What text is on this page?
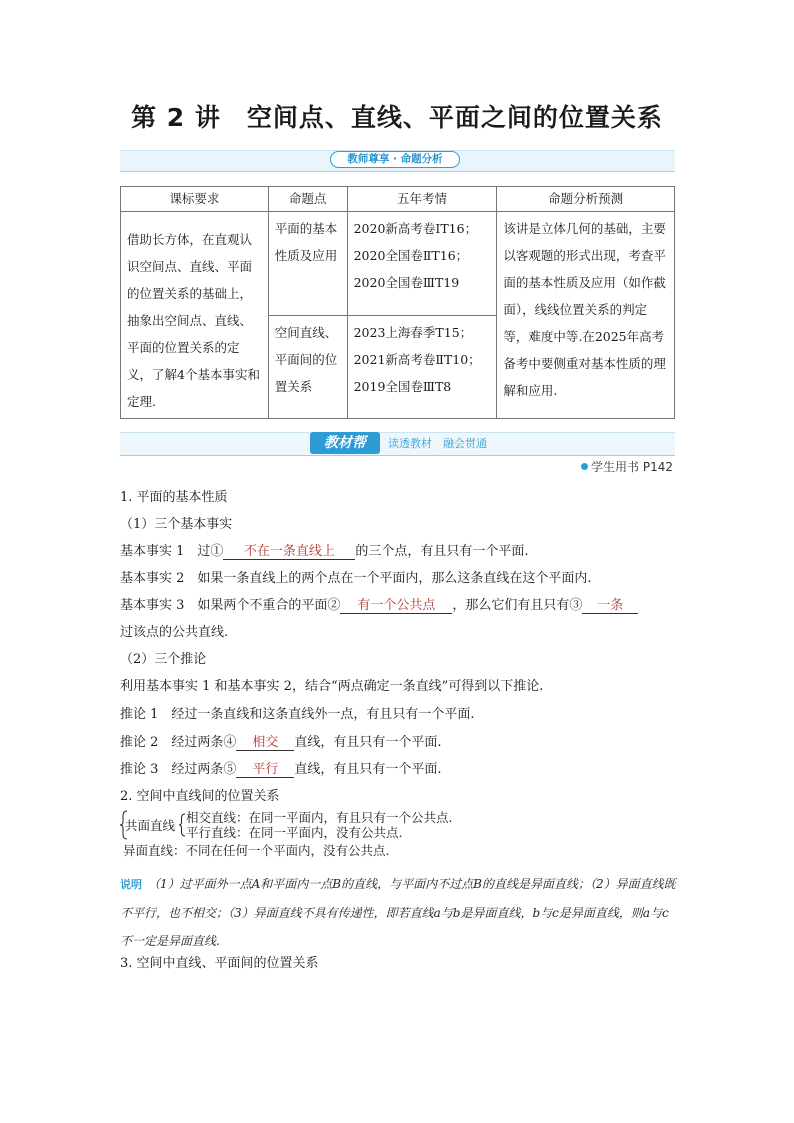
第 2 讲　空间点、直线、平面之间的位置关系
教师尊享 · 命题分析
课标要求	命题点	五年考情	命题分析预测

借助长方体，在直观认识空间点、直线、平面的位置关系的基础上，抽象出空间点、直线、平面的位置关系的定义，了解4个基本事实和定理.	平面的基本性质及应用	2020新高考卷ⅠT16；2020全国卷ⅡT16；2020全国卷ⅢT19	该讲是立体几何的基础，主要以客观题的形式出现，考查平面的基本性质及应用（如作截面），线线位置关系的判定等，难度中等.在2025年高考备考中要侧重对基本性质的理解和应用.

	空间直线、平面间的位置关系	2023上海春季T15；2021新高考卷ⅡT10；2019全国卷ⅢT8	
教材帮	读透教材　融会贯通
学生用书 P142
1. 平面的基本性质
（1）三个基本事实
基本事实 1　过① 不在一条直线上 的三个点，有且只有一个平面.
基本事实 2　如果一条直线上的两个点在一个平面内，那么这条直线在这个平面内.
基本事实 3　如果两个不重合的平面② 有一个公共点 ，那么它们有且只有③ 一条
过该点的公共直线.
（2）三个推论
利用基本事实 1 和基本事实 2，结合“两点确定一条直线”可得到以下推论.
推论 1　经过一条直线和这条直线外一点，有且只有一个平面.
推论 2　经过两条④ 相交 直线，有且只有一个平面.
推论 3　经过两条⑤ 平行 直线，有且只有一个平面.
2. 空间中直线间的位置关系
共面直线
相交直线：在同一平面内，有且只有一个公共点.
平行直线：在同一平面内，没有公共点.
异面直线：不同在任何一个平面内，没有公共点.
说明 （1）过平面外一点A和平面内一点B的直线，与平面内不过点B的直线是异面直线；（2）异面直线既不平行，也不相交；（3）异面直线不具有传递性，即若直线a与b是异面直线，b与c是异面直线，则a与c不一定是异面直线.
3. 空间中直线、平面间的位置关系
